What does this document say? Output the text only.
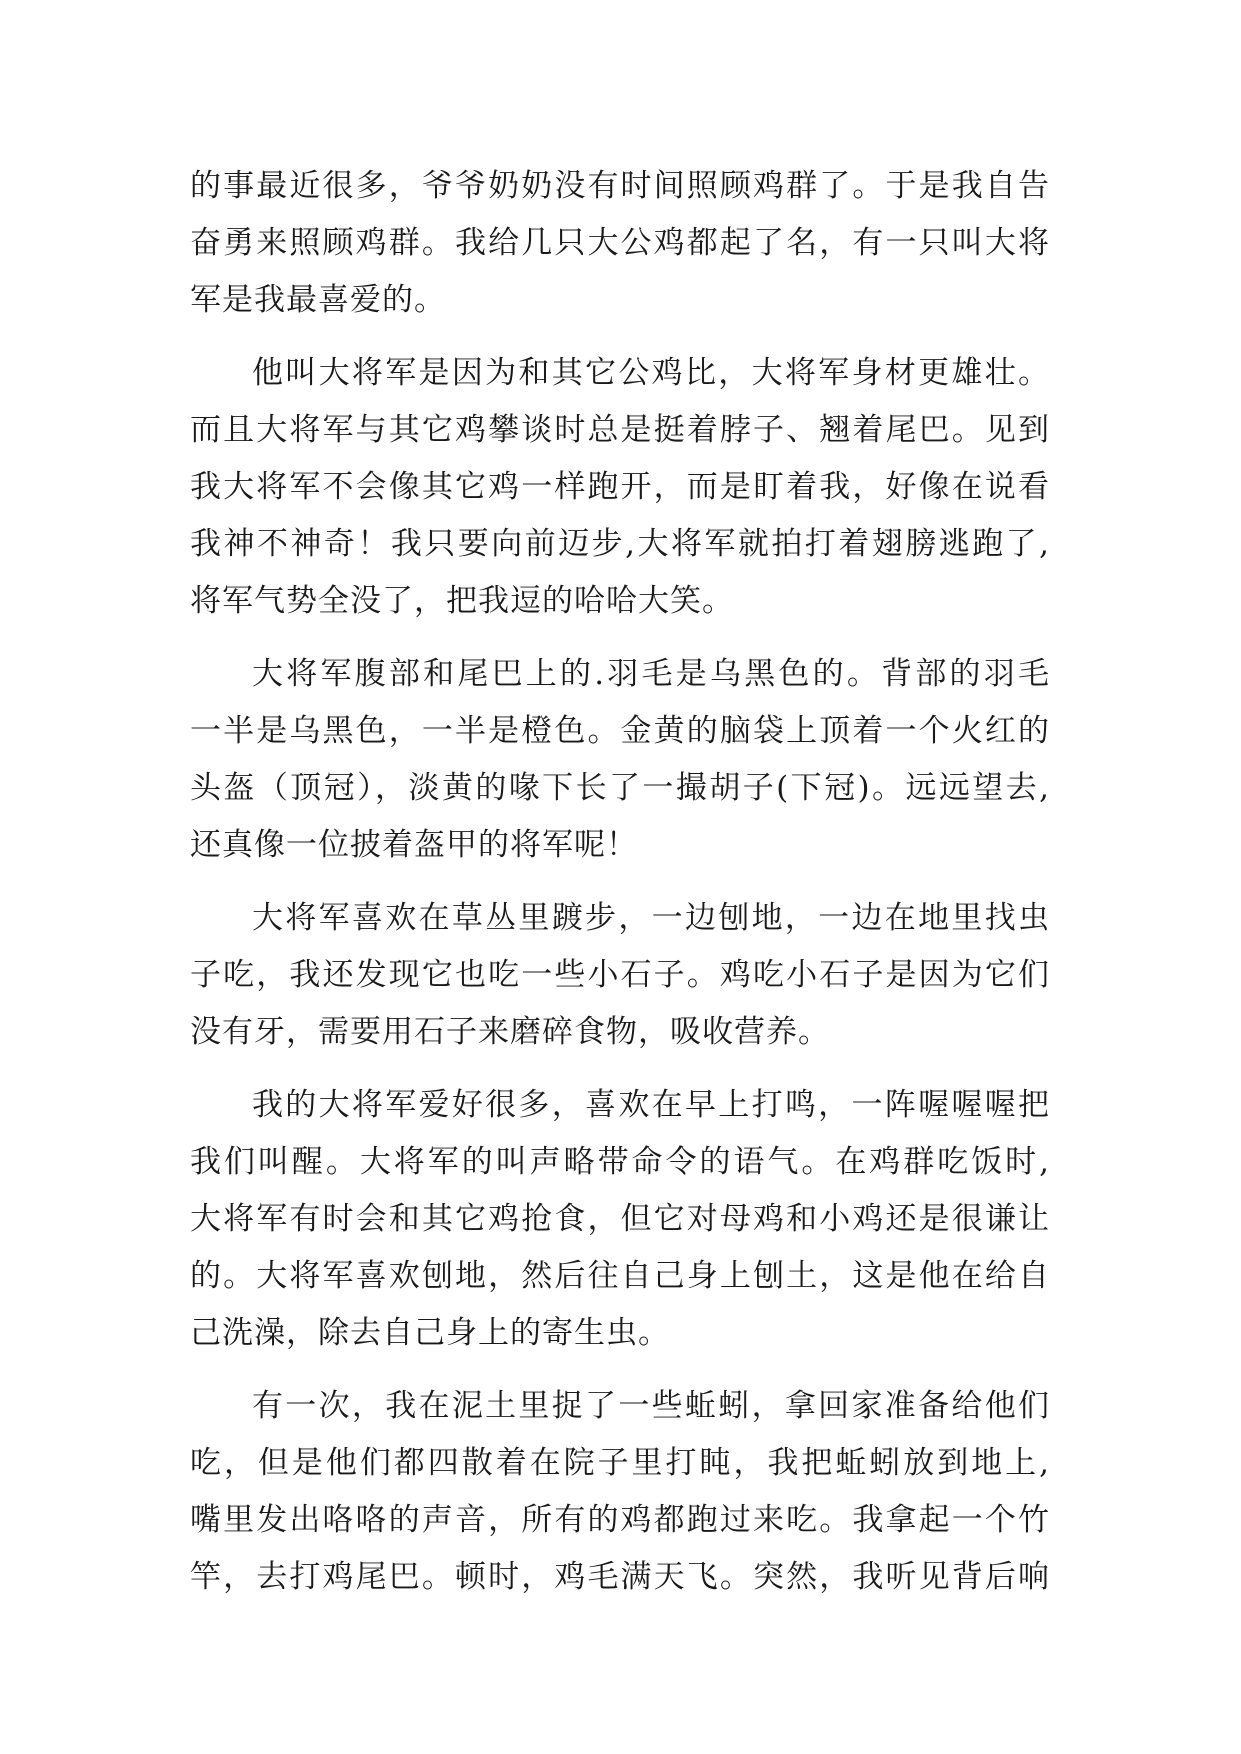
的事最近很多，爷爷奶奶没有时间照顾鸡群了。于是我自告
奋勇来照顾鸡群。我给几只大公鸡都起了名，有一只叫大将
军是我最喜爱的。
他叫大将军是因为和其它公鸡比，大将军身材更雄壮。
而且大将军与其它鸡攀谈时总是挺着脖子、翘着尾巴。见到
我大将军不会像其它鸡一样跑开，而是盯着我，好像在说看
我神不神奇！我只要向前迈步,大将军就拍打着翅膀逃跑了,
将军气势全没了，把我逗的哈哈大笑。
大将军腹部和尾巴上的.羽毛是乌黑色的。背部的羽毛
一半是乌黑色，一半是橙色。金黄的脑袋上顶着一个火红的
头盔（顶冠），淡黄的喙下长了一撮胡子(下冠)。远远望去,
还真像一位披着盔甲的将军呢！
大将军喜欢在草丛里踱步，一边刨地，一边在地里找虫
子吃，我还发现它也吃一些小石子。鸡吃小石子是因为它们
没有牙，需要用石子来磨碎食物，吸收营养。
我的大将军爱好很多，喜欢在早上打鸣，一阵喔喔喔把
我们叫醒。大将军的叫声略带命令的语气。在鸡群吃饭时,
大将军有时会和其它鸡抢食，但它对母鸡和小鸡还是很谦让
的。大将军喜欢刨地，然后往自己身上刨土，这是他在给自
己洗澡，除去自己身上的寄生虫。
有一次，我在泥土里捉了一些蚯蚓，拿回家准备给他们
吃，但是他们都四散着在院子里打盹，我把蚯蚓放到地上,
嘴里发出咯咯的声音，所有的鸡都跑过来吃。我拿起一个竹
竿，去打鸡尾巴。顿时，鸡毛满天飞。突然，我听见背后响
